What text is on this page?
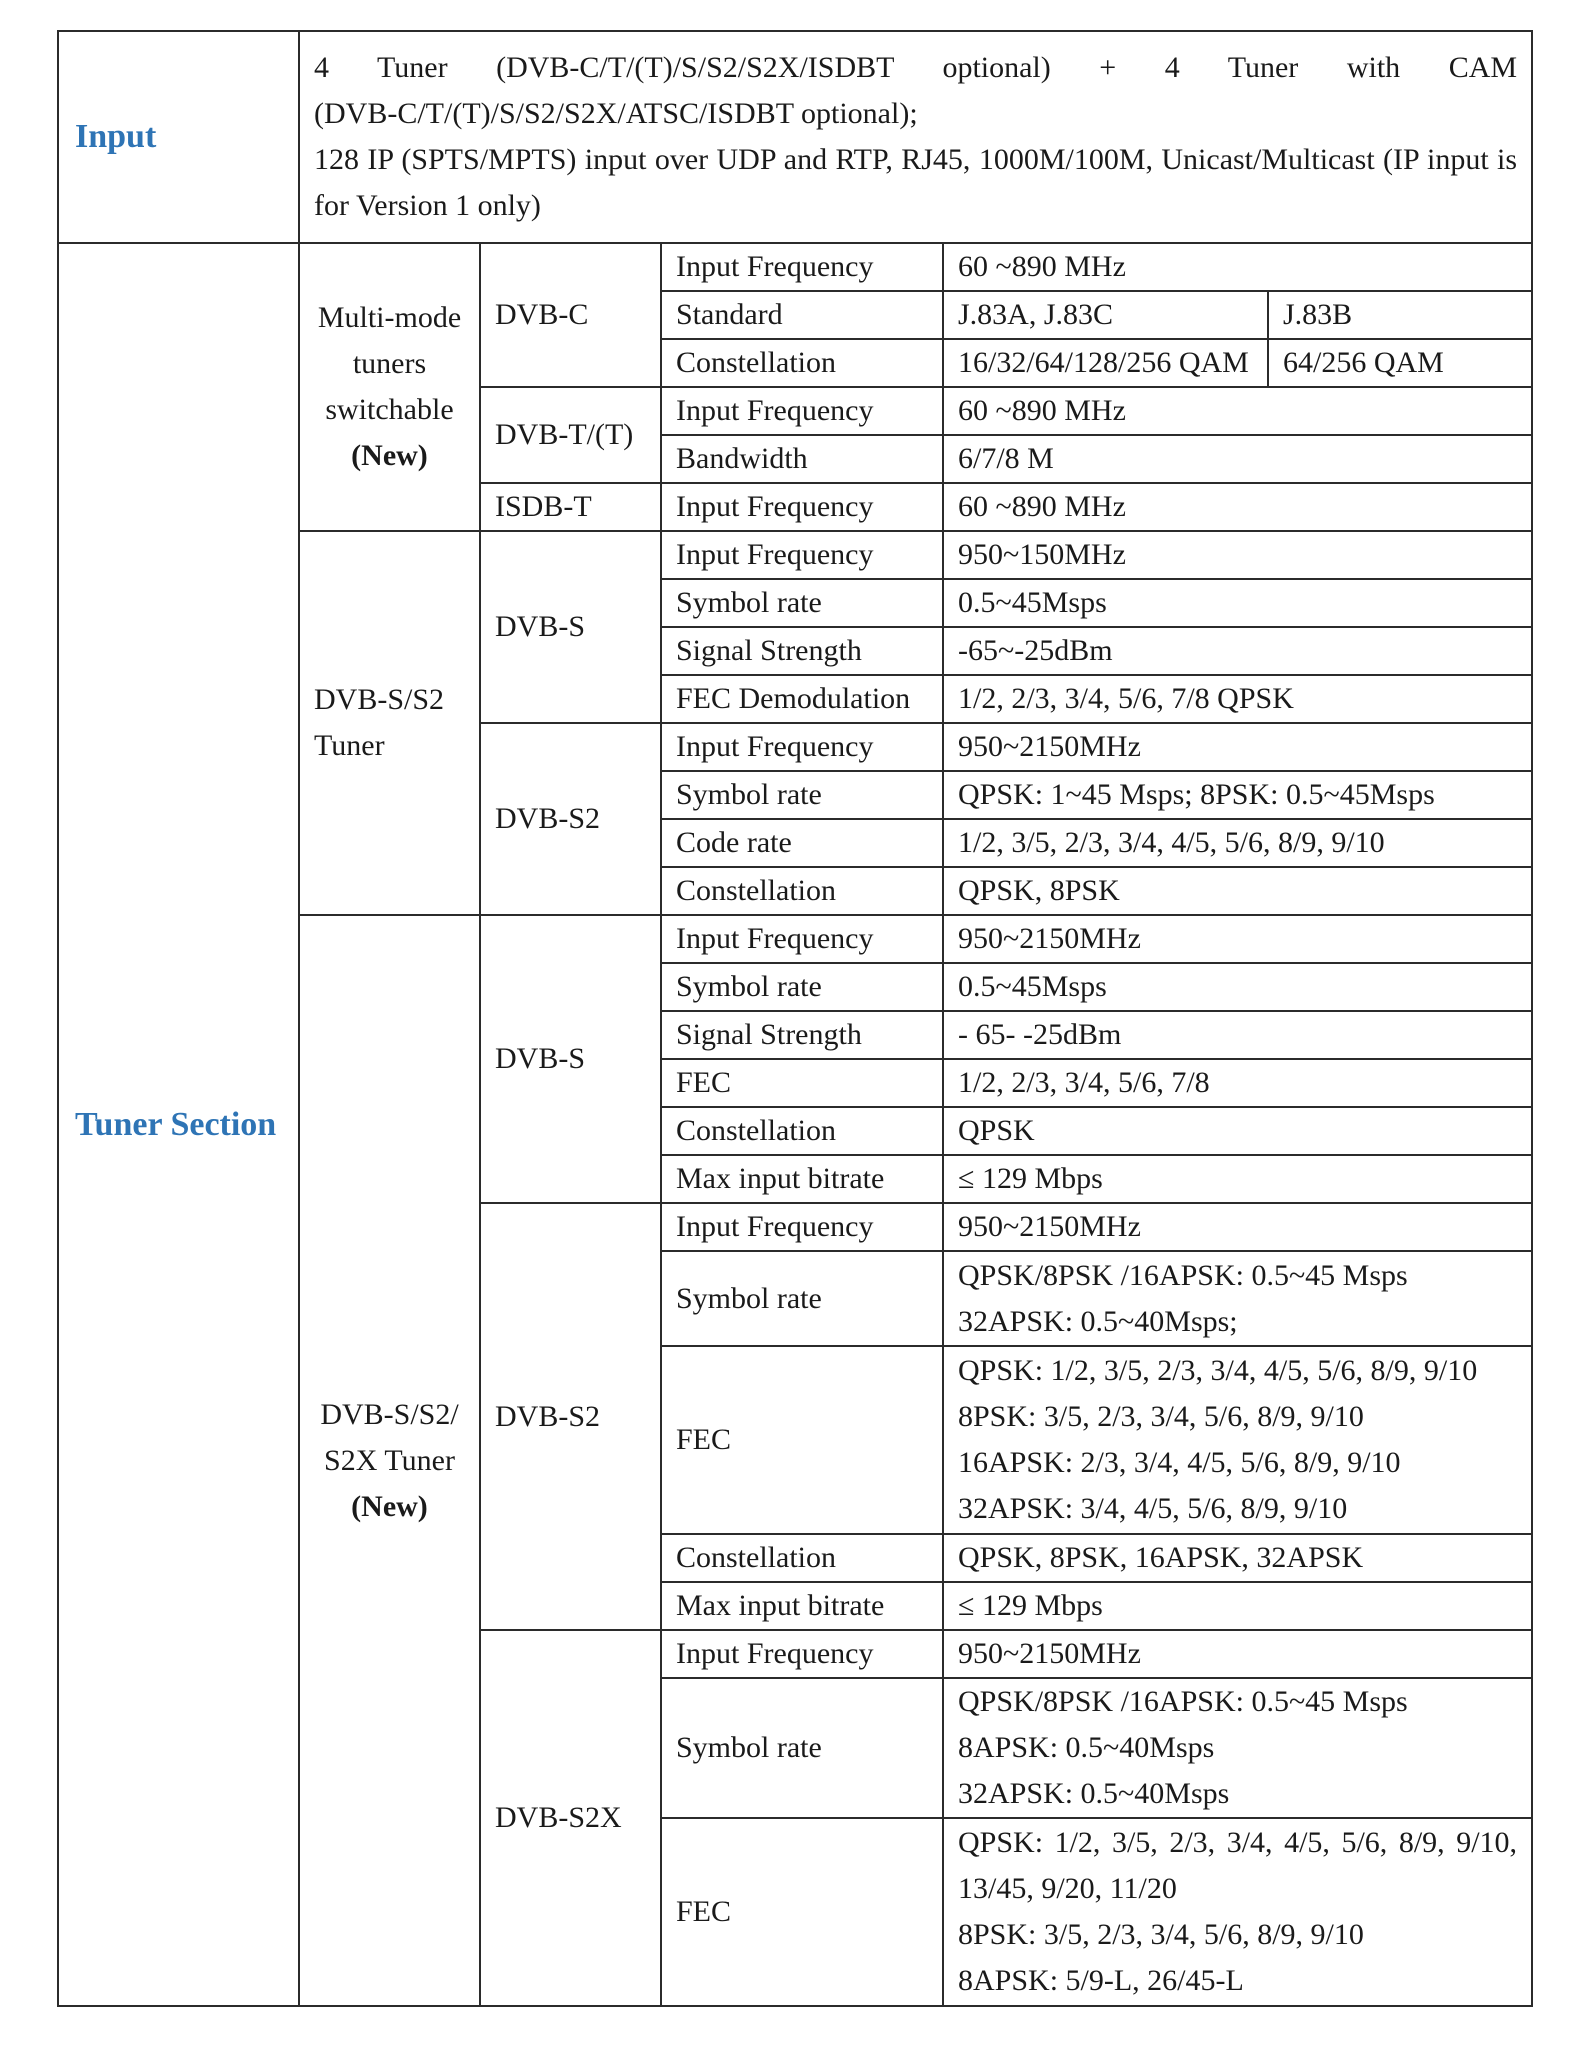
Input	4 Tuner (DVB-C/T/(T)/S/S2/S2X/ISDBT optional) + 4 Tuner with CAM
(DVB-C/T/(T)/S/S2/S2X/ATSC/ISDBT optional);
128 IP (SPTS/MPTS) input over UDP and RTP, RJ45, 1000M/100M, Unicast/Multicast (IP input is
for Version 1 only)				

Tuner Section	Multi-mode
tuners
switchable
(New)	DVB-C	Input Frequency	60 ~890 MHz	
			Standard	J.83A, J.83C	J.83B
			Constellation	16/32/64/128/256 QAM	64/256 QAM
		DVB-T/(T)	Input Frequency	60 ~890 MHz	
			Bandwidth	6/7/8 M	
		ISDB-T	Input Frequency	60 ~890 MHz	

	DVB-S/S2
Tuner	DVB-S	Input Frequency	950~150MHz	
			Symbol rate	0.5~45Msps	
			Signal Strength	-65~-25dBm	
			FEC Demodulation	1/2, 2/3, 3/4, 5/6, 7/8 QPSK	
		DVB-S2	Input Frequency	950~2150MHz	
			Symbol rate	QPSK: 1~45 Msps; 8PSK: 0.5~45Msps	
			Code rate	1/2, 3/5, 2/3, 3/4, 4/5, 5/6, 8/9, 9/10	
			Constellation	QPSK, 8PSK	

	DVB-S/S2/
S2X Tuner
(New)	DVB-S	Input Frequency	950~2150MHz	
			Symbol rate	0.5~45Msps	
			Signal Strength	- 65- -25dBm	
			FEC	1/2, 2/3, 3/4, 5/6, 7/8	
			Constellation	QPSK	
			Max input bitrate	≤ 129 Mbps	
		DVB-S2	Input Frequency	950~2150MHz	
			Symbol rate	QPSK/8PSK /16APSK: 0.5~45 Msps
32APSK: 0.5~40Msps;	

			FEC	QPSK: 1/2, 3/5, 2/3, 3/4, 4/5, 5/6, 8/9, 9/10
8PSK: 3/5, 2/3, 3/4, 5/6, 8/9, 9/10
16APSK: 2/3, 3/4, 4/5, 5/6, 8/9, 9/10
32APSK: 3/4, 4/5, 5/6, 8/9, 9/10	

			Constellation	QPSK, 8PSK, 16APSK, 32APSK	
			Max input bitrate	≤ 129 Mbps	
		DVB-S2X	Input Frequency	950~2150MHz	
			Symbol rate	QPSK/8PSK /16APSK: 0.5~45 Msps
8APSK: 0.5~40Msps
32APSK: 0.5~40Msps	

			FEC	QPSK: 1/2, 3/5, 2/3, 3/4, 4/5, 5/6, 8/9, 9/10,
13/45, 9/20, 11/20
8PSK: 3/5, 2/3, 3/4, 5/6, 8/9, 9/10
8APSK: 5/9-L, 26/45-L	
